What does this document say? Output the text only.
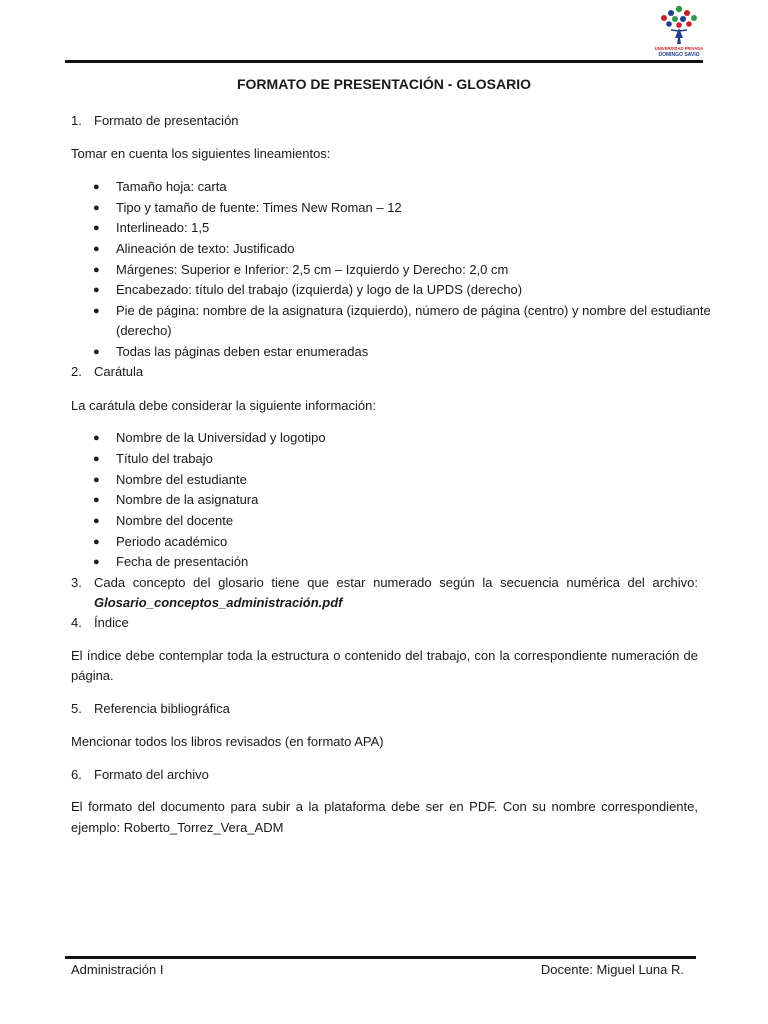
UNIVERSIDAD PRIVADA
DOMINGO SAVIO
FORMATO DE PRESENTACIÓN - GLOSARIO
1. Formato de presentación
Tomar en cuenta los siguientes lineamientos:
● Tamaño hoja: carta
● Tipo y tamaño de fuente: Times New Roman – 12
● Interlineado: 1,5
● Alineación de texto: Justificado
● Márgenes: Superior e Inferior: 2,5 cm – Izquierdo y Derecho: 2,0 cm
● Encabezado: título del trabajo (izquierda) y logo de la UPDS (derecho)
● Pie de página: nombre de la asignatura (izquierdo), número de página (centro) y nombre del estudiante
(derecho)
● Todas las páginas deben estar enumeradas
2. Carátula
La carátula debe considerar la siguiente información:
● Nombre de la Universidad y logotipo
● Título del trabajo
● Nombre del estudiante
● Nombre de la asignatura
● Nombre del docente
● Periodo académico
● Fecha de presentación
3. Cada concepto del glosario tiene que estar numerado según la secuencia numérica del archivo:
Glosario_conceptos_administración.pdf
4. Índice
El índice debe contemplar toda la estructura o contenido del trabajo, con la correspondiente numeración de
página.
5. Referencia bibliográfica
Mencionar todos los libros revisados (en formato APA)
6. Formato del archivo
El formato del documento para subir a la plataforma debe ser en PDF. Con su nombre correspondiente,
ejemplo: Roberto_Torrez_Vera_ADM
Administración I	Docente: Miguel Luna R.
